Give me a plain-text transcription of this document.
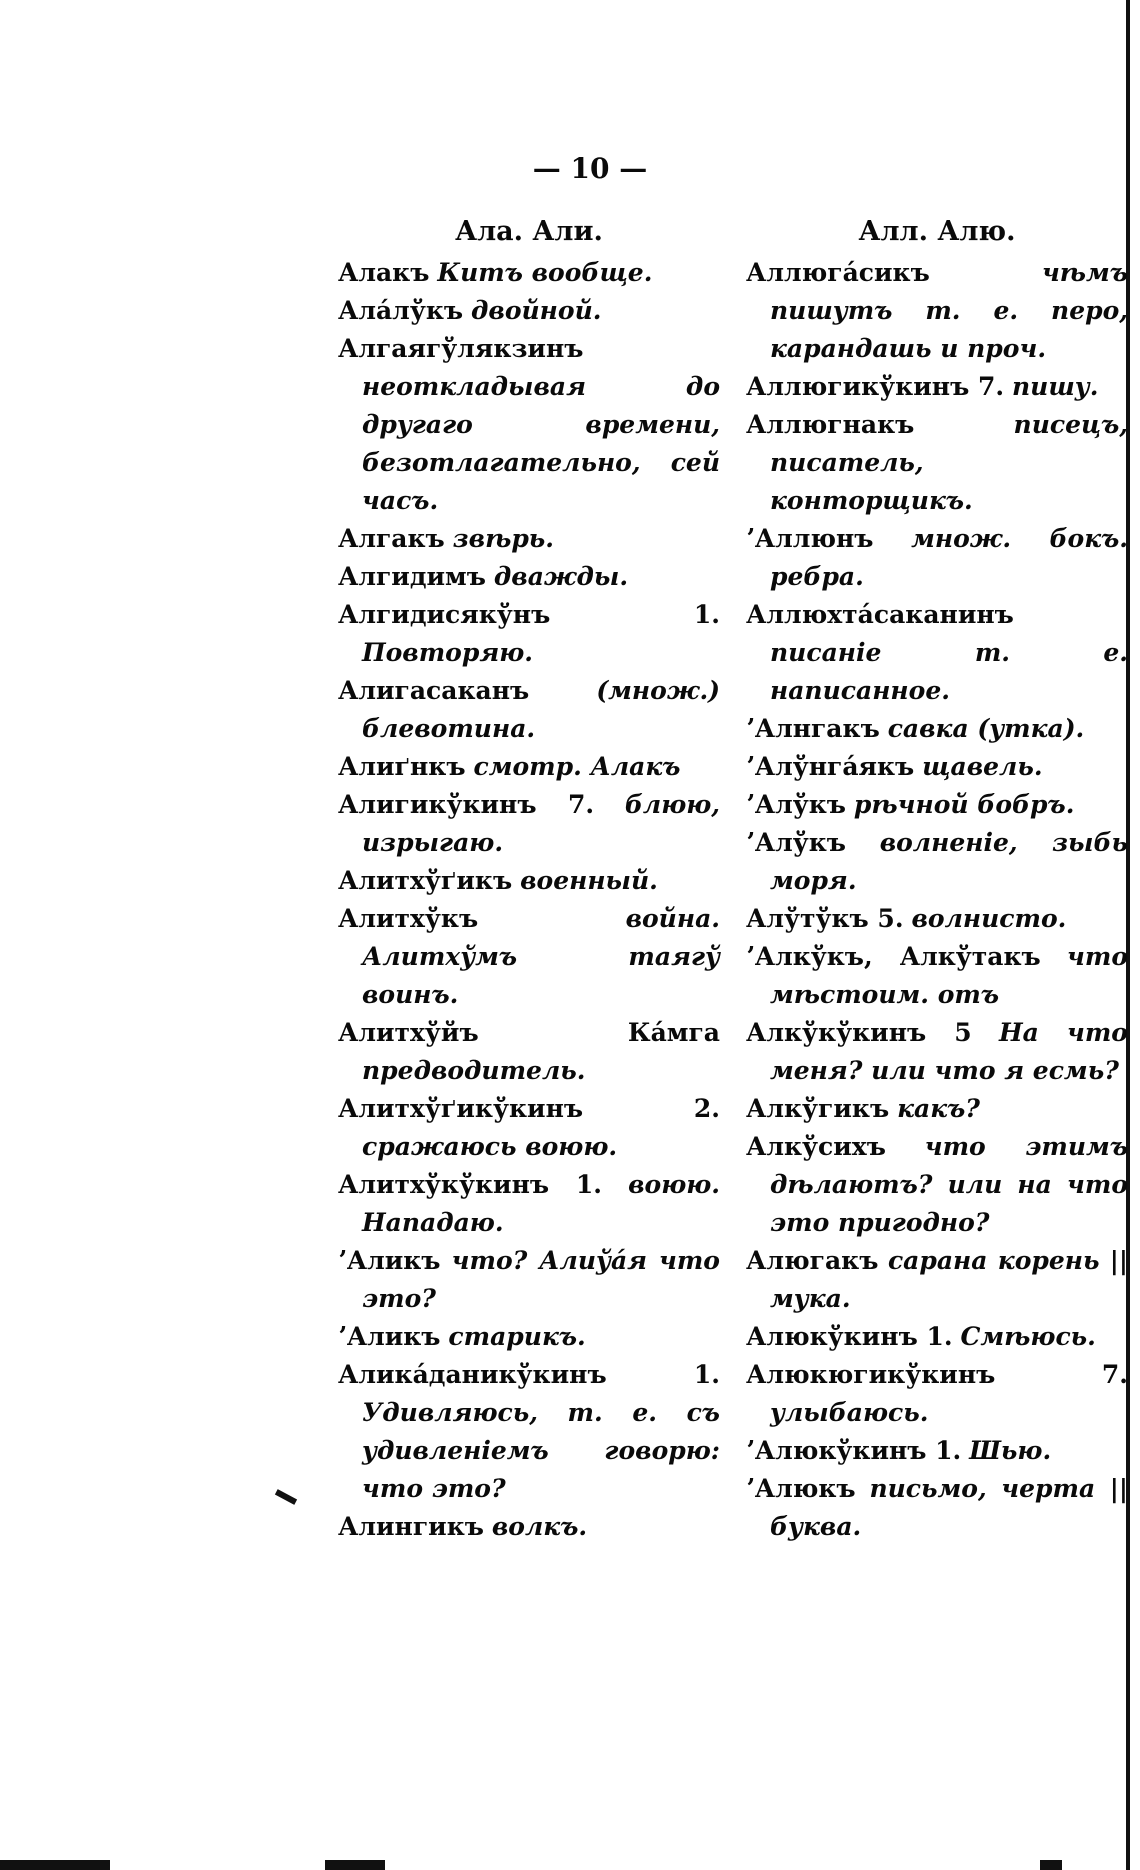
— 10 —
Ала. Али.
Алакъ Китъ вообще.
Алáлўкъ двойной.
Алгаягўлякзинъ неоткладывая до другаго времени, безотлагательно, сей часъ.
Алгакъ звѣрь.
Алгидимъ дважды.
Алгидисякўнъ 1. Повторяю.
Алигасаканъ	(множ.) блевотина.
Алиґнкъ смотр. Алакъ
Алигикўкинъ 7. блюю, изрыгаю.
Алитхўґикъ военный.
Алитхўкъ	война. Алитхўмъ таягў воинъ.
Алитхўйъ Кáмга предводитель.
Алитхўґикўкинъ 2. сражаюсь воюю.
Алитхўкўкинъ 1. воюю. Нападаю.
ʼАликъ что? Алиўáя что это?
ʼАликъ старикъ.
Аликáданикўкинъ 1. Удивляюсь, т. е. съ удивленіемъ говорю: что это?
Алингикъ волкъ.
Алл. Алю.
Аллюгáсикъ	чѣмъ пишутъ т. е. перо, карандашь и проч.
Аллюгикўкинъ 7. пишу.
Аллюгнакъ	писецъ, писатель, конторщикъ.
ʼАллюнъ множ. бокъ. ребра.
Аллюхтáсаканинъ писаніе т. е. написанное.
ʼАлнгакъ савка (утка).
ʼАлўнгáякъ щавель.
ʼАлўкъ рѣчной бобръ.
ʼАлўкъ волненіе, зыбь моря.
Алўтўкъ 5. волнисто.
ʼАлкўкъ, Алкўтакъ что мѣстоим. отъ
Алкўкўкинъ 5 На что меня? или что я есмь?
Алкўгикъ какъ?
Алкўсихъ что этимъ дѣлаютъ? или на что это пригодно?
Алюгакъ сарана корень || мука.
Алюкўкинъ 1. Смѣюсь.
Алюкюгикўкинъ 7. улыбаюсь.
ʼАлюкўкинъ 1. Шью.
ʼАлюкъ письмо, черта || буква.
